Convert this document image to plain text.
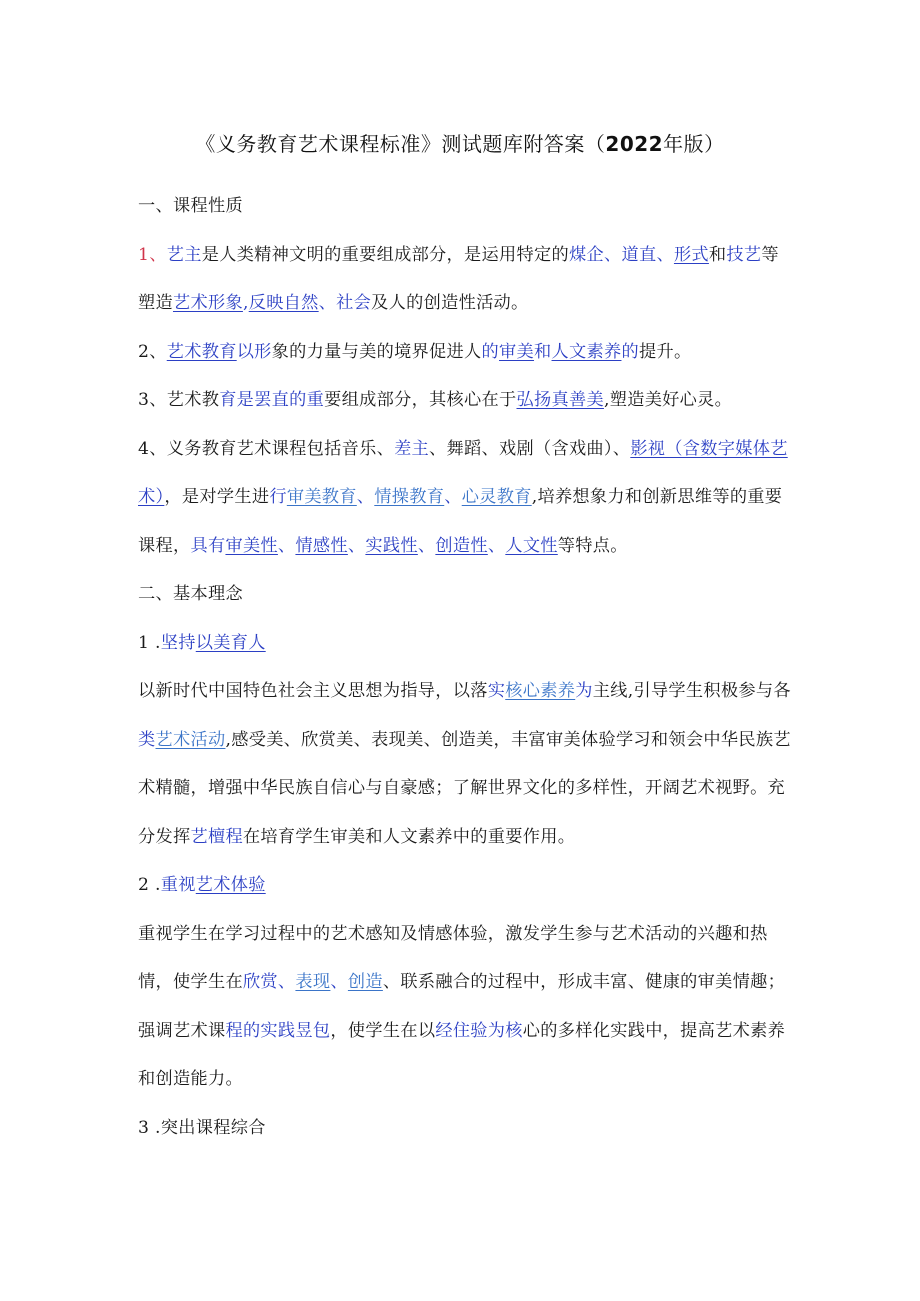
《义务教育艺术课程标准》测试题库附答案（2022年版）

一、课程性质

1、艺主是人类精神文明的重要组成部分，是运用特定的煤企、道直、形式和技艺等塑造艺术形象,反映自然、社会及人的创造性活动。

2、艺术教育以形象的力量与美的境界促进人的审美和人文素养的提升。

3、艺术教育是罢直的重要组成部分，其核心在于弘扬真善美,塑造美好心灵。

4、义务教育艺术课程包括音乐、差主、舞蹈、戏剧（含戏曲）、影视（含数字媒体艺术），是对学生进行审美教育、情操教育、心灵教育,培养想象力和创新思维等的重要课程，具有审美性、情感性、实践性、创造性、人文性等特点。

二、基本理念

1 .坚持以美育人

以新时代中国特色社会主义思想为指导，以落实核心素养为主线,引导学生积极参与各类艺术活动,感受美、欣赏美、表现美、创造美，丰富审美体验学习和领会中华民族艺术精髓，增强中华民族自信心与自豪感；了解世界文化的多样性，开阔艺术视野。充分发挥艺檀程在培育学生审美和人文素养中的重要作用。

2 .重视艺术体验

重视学生在学习过程中的艺术感知及情感体验，激发学生参与艺术活动的兴趣和热情，使学生在欣赏、表现、创造、联系融合的过程中，形成丰富、健康的审美情趣；强调艺术课程的实践昱包，使学生在以经住验为核心的多样化实践中，提高艺术素养和创造能力。

3 .突出课程综合
